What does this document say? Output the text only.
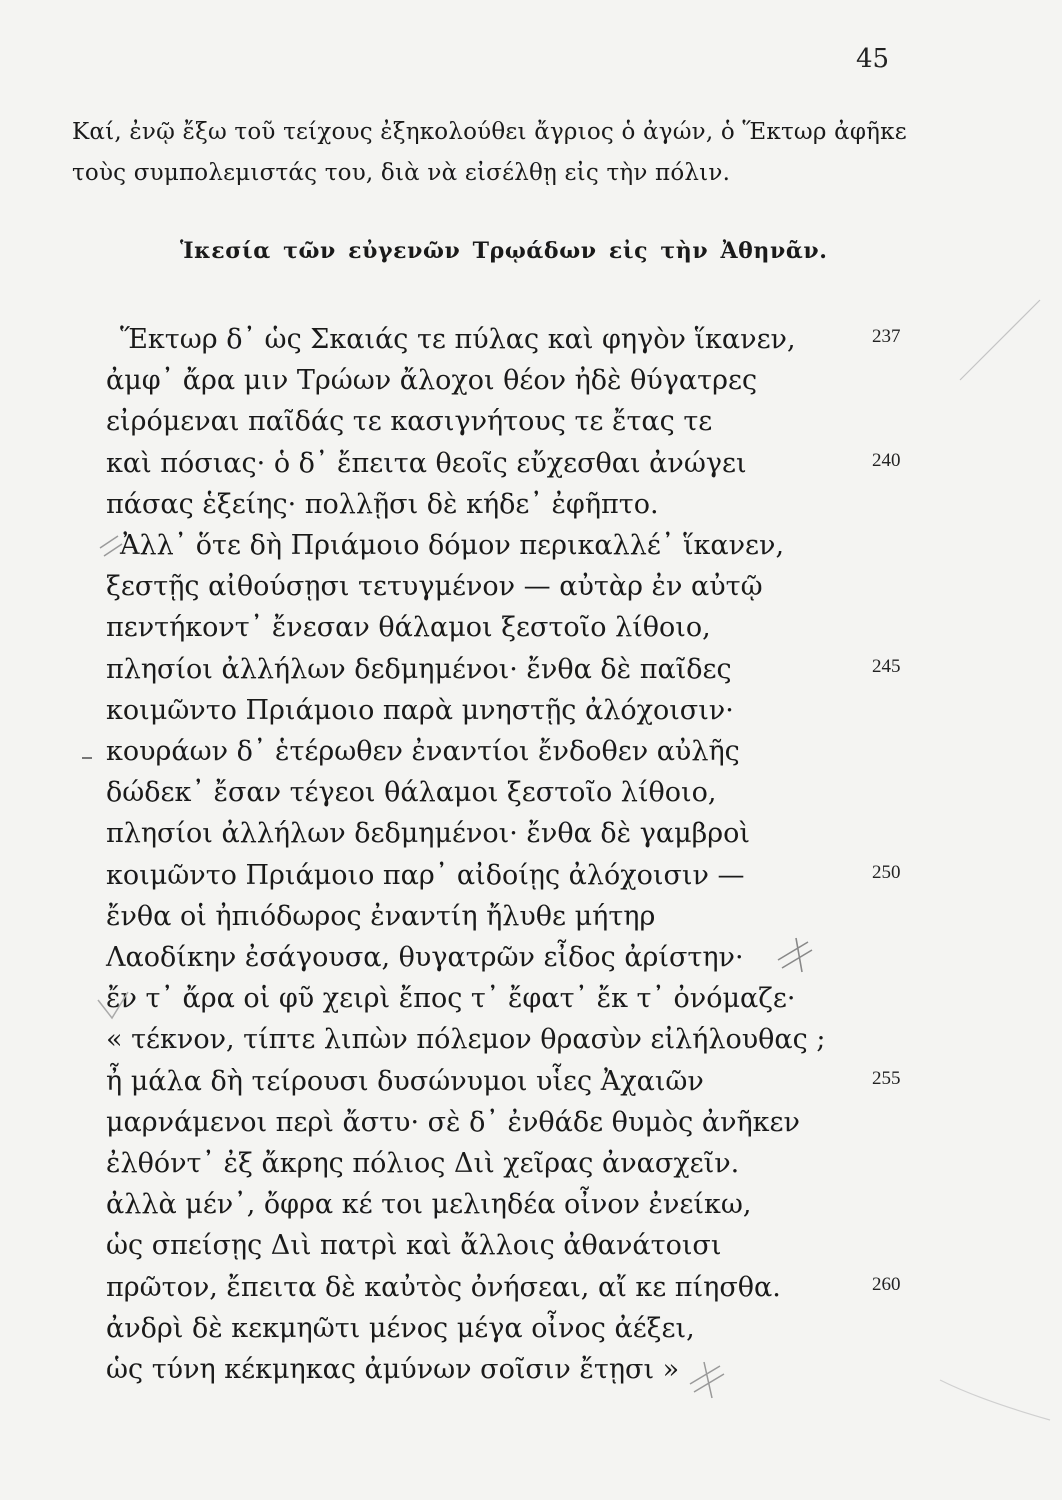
45

Καί, ἐνῷ ἔξω τοῦ τείχους ἐξηκολούθει ἄγριος ὁ ἀγών, ὁ Ἕκτωρ ἀφῆκε τοὺς συμπολεμιστάς του, διὰ νὰ εἰσέλθῃ εἰς τὴν πόλιν.

Ἱκεσία τῶν εὐγενῶν Τρῳάδων εἰς τὴν Ἀθηνᾶν.
Ἕκτωρ δ᾽ ὡς Σκαιάς τε πύλας καὶ φηγὸν ἵκανεν,
ἀμφ᾽ ἄρα μιν Τρώων ἄλοχοι θέον ἠδὲ θύγατρες
εἰρόμεναι παῖδάς τε κασιγνήτους τε ἔτας τε
καὶ πόσιας· ὁ δ᾽ ἔπειτα θεοῖς εὔχεσθαι ἀνώγει
πάσας ἑξείης· πολλῇσι δὲ κήδε᾽ ἐφῆπτο.
Ἀλλ᾽ ὅτε δὴ Πριάμοιο δόμον περικαλλέ᾽ ἵκανεν,
ξεστῇς αἰθούσῃσι τετυγμένον — αὐτὰρ ἐν αὐτῷ
πεντήκοντ᾽ ἔνεσαν θάλαμοι ξεστοῖο λίθοιο,
πλησίοι ἀλλήλων δεδμημένοι· ἔνθα δὲ παῖδες
κοιμῶντο Πριάμοιο παρὰ μνηστῇς ἀλόχοισιν·
κουράων δ᾽ ἑτέρωθεν ἐναντίοι ἔνδοθεν αὐλῆς
δώδεκ᾽ ἔσαν τέγεοι θάλαμοι ξεστοῖο λίθοιο,
πλησίοι ἀλλήλων δεδμημένοι· ἔνθα δὲ γαμβροὶ
κοιμῶντο Πριάμοιο παρ᾽ αἰδοίῃς ἀλόχοισιν —
ἔνθα οἱ ἠπιόδωρος ἐναντίη ἤλυθε μήτηρ
Λαοδίκην ἐσάγουσα, θυγατρῶν εἶδος ἀρίστην·
ἔν τ᾽ ἄρα οἱ φῦ χειρὶ ἔπος τ᾽ ἔφατ᾽ ἔκ τ᾽ ὀνόμαζε·
« τέκνον, τίπτε λιπὼν πόλεμον θρασὺν εἰλήλουθας ;
ἦ μάλα δὴ τείρουσι δυσώνυμοι υἷες Ἀχαιῶν
μαρνάμενοι περὶ ἄστυ· σὲ δ᾽ ἐνθάδε θυμὸς ἀνῆκεν
ἐλθόντ᾽ ἐξ ἄκρης πόλιος Διὶ χεῖρας ἀνασχεῖν.
ἀλλὰ μέν᾽, ὄφρα κέ τοι μελιηδέα οἶνον ἐνείκω,
ὡς σπείσῃς Διὶ πατρὶ καὶ ἄλλοις ἀθανάτοισι
πρῶτον, ἔπειτα δὲ καὐτὸς ὀνήσεαι, αἴ κε πίησθα.
ἀνδρὶ δὲ κεκμηῶτι μένος μέγα οἶνος ἀέξει,
ὡς τύνη κέκμηκας ἀμύνων σοῖσιν ἔτῃσι »
237
240
245
250
255
260
